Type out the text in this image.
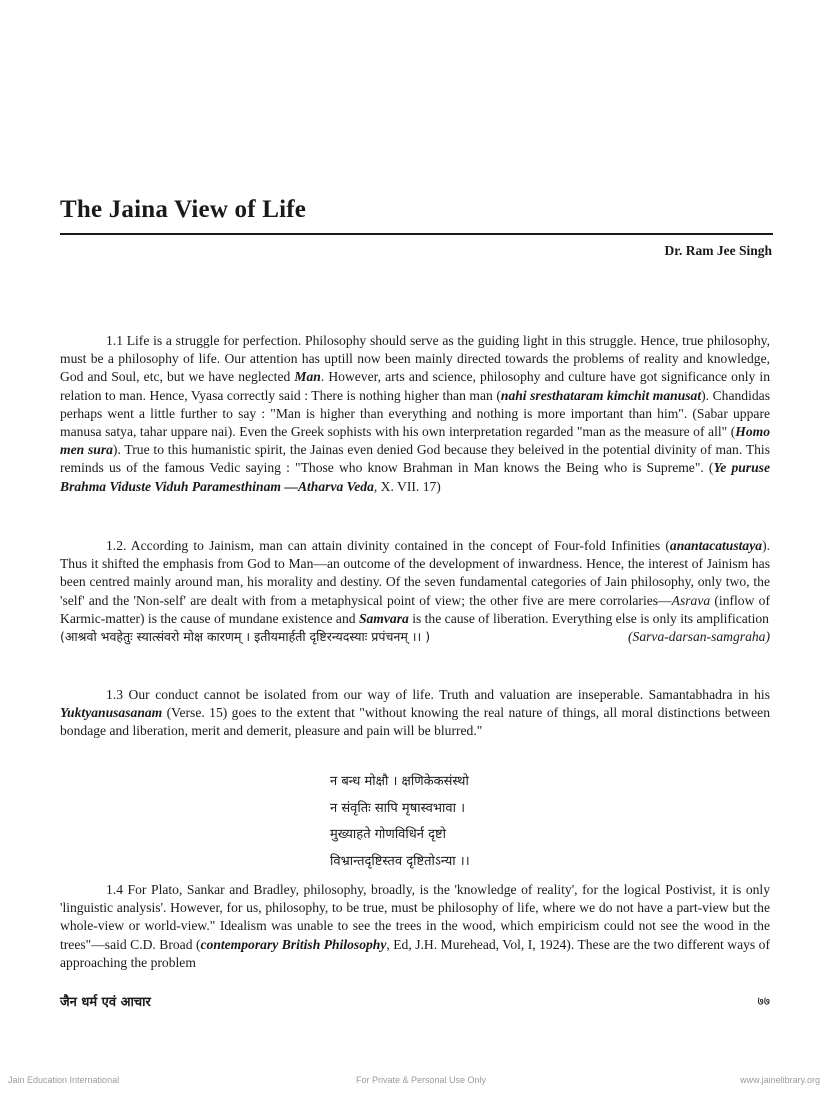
The Jaina View of Life
Dr. Ram Jee Singh

1.1 Life is a struggle for perfection. Philosophy should serve as the guiding light in this struggle. Hence, true philosophy, must be a philosophy of life. Our attention has uptill now been mainly directed towards the problems of reality and knowledge, God and Soul, etc, but we have neglected Man. However, arts and science, philosophy and culture have got significance only in relation to man. Hence, Vyasa correctly said : There is nothing higher than man (nahi sresthataram kimchit manusat). Chandidas perhaps went a little further to say : "Man is higher than everything and nothing is more important than him". (Sabar uppare manusa satya, tahar uppare nai). Even the Greek sophists with his own interpretation regarded "man as the measure of all" (Homo men sura). True to this humanistic spirit, the Jainas even denied God because they beleived in the potential divinity of man. This reminds us of the famous Vedic saying : "Those who know Brahman in Man knows the Being who is Supreme". (Ye puruse Brahma Viduste Viduh Paramesthinam —Atharva Veda, X. VII. 17)

1.2. According to Jainism, man can attain divinity contained in the concept of Four-fold Infinities (anantacatustaya). Thus it shifted the emphasis from God to Man—an outcome of the development of inwardness. Hence, the interest of Jainism has been centred mainly around man, his morality and destiny. Of the seven fundamental categories of Jain philosophy, only two, the 'self' and the 'Non-self' are dealt with from a metaphysical point of view; the other five are mere corrolaries—Asrava (inflow of Karmic-matter) is the cause of mundane existence and Samvara is the cause of liberation. Everything else is only its amplification

(आश्रवो भवहेतुः स्यात्संवरो मोक्ष कारणम् । इतीयमार्हती दृष्टिरन्यदस्याः प्रपंचनम् ।। )	(Sarva-darsan-samgraha)

1.3 Our conduct cannot be isolated from our way of life. Truth and valuation are inseperable. Samantabhadra in his Yuktyanusasanam (Verse. 15) goes to the extent that "without knowing the real nature of things, all moral distinctions between bondage and liberation, merit and demerit, pleasure and pain will be blurred."

न बन्ध मोक्षौ । क्षणिकेकसंस्थो
न संवृतिः सापि मृषास्वभावा ।
मुख्याहते गोणविधिर्न दृष्टो
विभ्रान्तदृष्टिस्तव दृष्टितोऽन्या ।।

1.4 For Plato, Sankar and Bradley, philosophy, broadly, is the 'knowledge of reality', for the logical Postivist, it is only 'linguistic analysis'. However, for us, philosophy, to be true, must be philosophy of life, where we do not have a part-view but the whole-view or world-view." Idealism was unable to see the trees in the wood, which empiricism could not see the wood in the trees"—said C.D. Broad (contemporary British Philosophy, Ed, J.H. Murehead, Vol, I, 1924). These are the two different ways of approaching the problem

जैन धर्म एवं आचार	७७
Jain Education International	For Private & Personal Use Only	www.jainelibrary.org
